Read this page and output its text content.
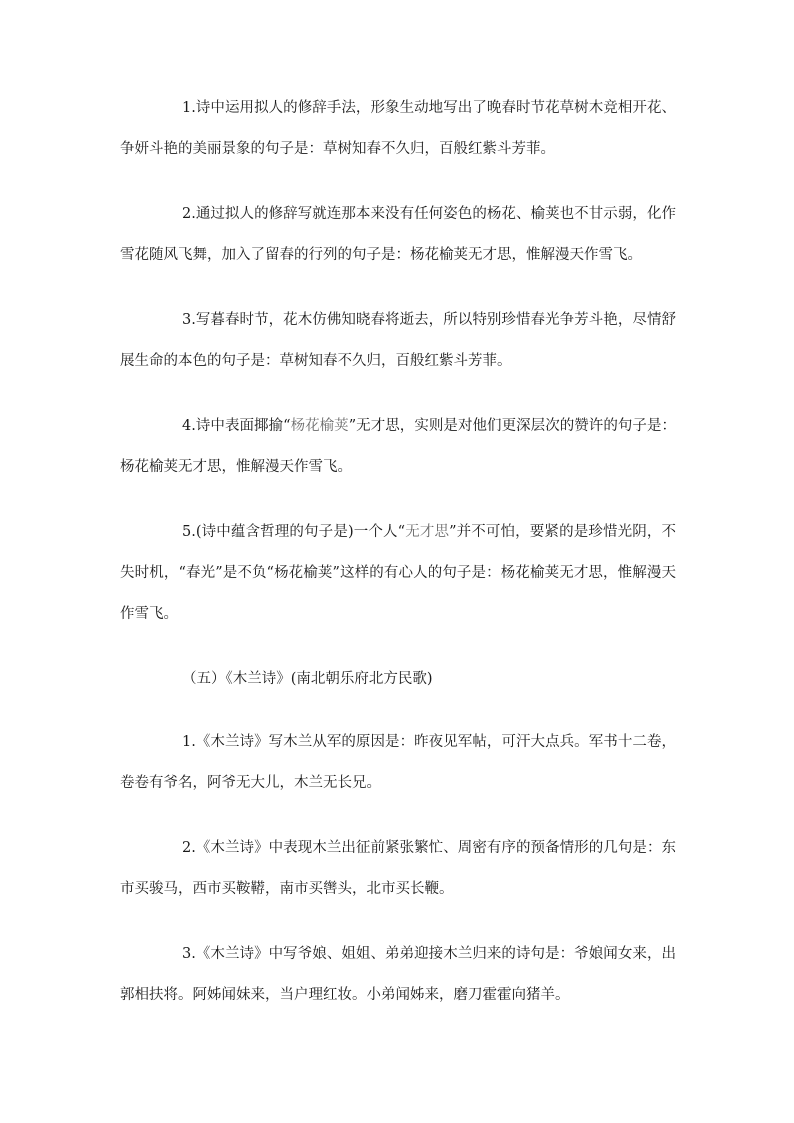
1.诗中运用拟人的修辞手法，形象生动地写出了晚春时节花草树木竞相开花、争妍斗艳的美丽景象的句子是：草树知春不久归，百般红紫斗芳菲。

2.通过拟人的修辞写就连那本来没有任何姿色的杨花、榆荚也不甘示弱，化作雪花随风飞舞，加入了留春的行列的句子是：杨花榆荚无才思，惟解漫天作雪飞。

3.写暮春时节，花木仿佛知晓春将逝去，所以特别珍惜春光争芳斗艳，尽情舒展生命的本色的句子是：草树知春不久归，百般红紫斗芳菲。

4.诗中表面揶揄“杨花榆荚”无才思，实则是对他们更深层次的赞许的句子是：杨花榆荚无才思，惟解漫天作雪飞。

5.(诗中蕴含哲理的句子是)一个人“无才思”并不可怕，要紧的是珍惜光阴，不失时机，“春光”是不负“杨花榆荚”这样的有心人的句子是：杨花榆荚无才思，惟解漫天作雪飞。

（五）《木兰诗》(南北朝乐府北方民歌)

1.《木兰诗》写木兰从军的原因是：昨夜见军帖，可汗大点兵。军书十二卷，卷卷有爷名，阿爷无大儿，木兰无长兄。

2.《木兰诗》中表现木兰出征前紧张繁忙、周密有序的预备情形的几句是：东市买骏马，西市买鞍鞯，南市买辔头，北市买长鞭。

3.《木兰诗》中写爷娘、姐姐、弟弟迎接木兰归来的诗句是：爷娘闻女来，出郭相扶将。阿姊闻妹来，当户理红妆。小弟闻姊来，磨刀霍霍向猪羊。
